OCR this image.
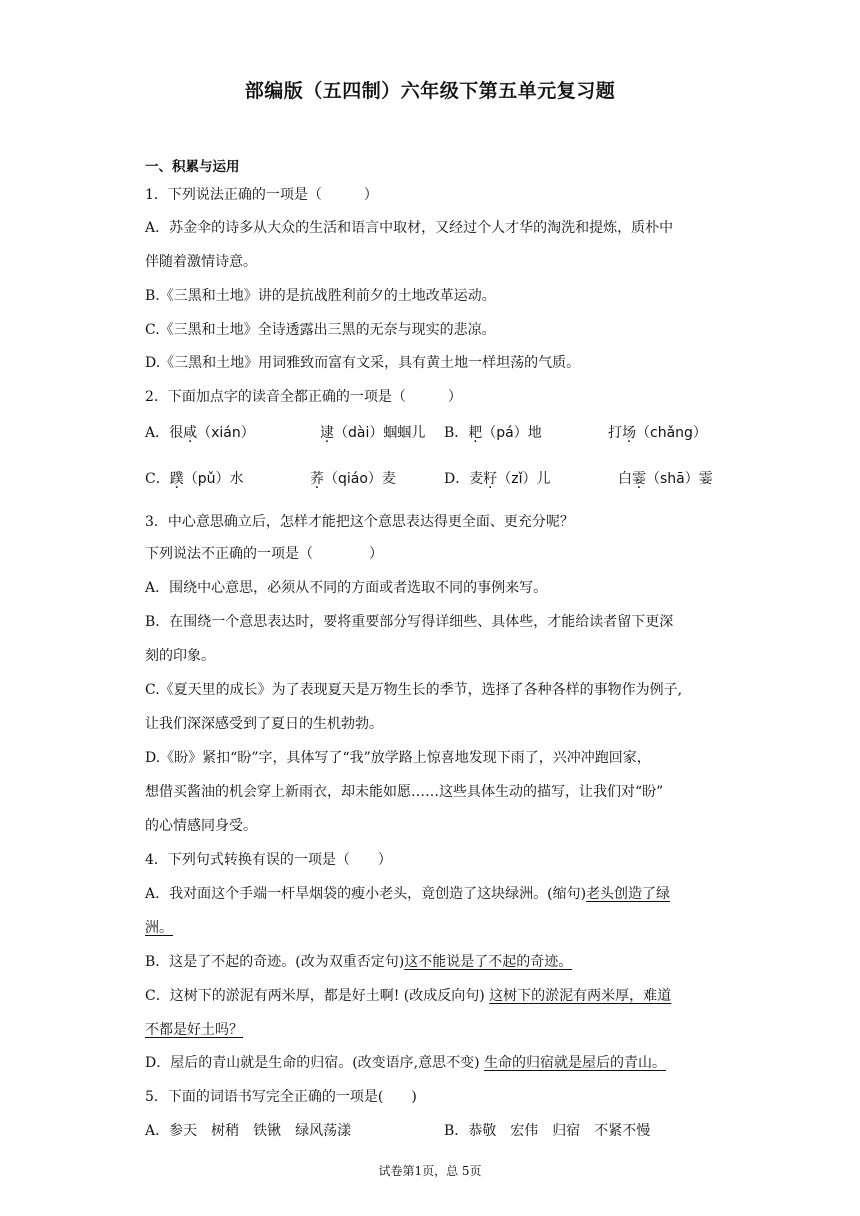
部编版（五四制）六年级下第五单元复习题
一、积累与运用
1．下列说法正确的一项是（　　　）
A．苏金伞的诗多从大众的生活和语言中取材，又经过个人才华的淘洗和提炼，质朴中
伴随着激情诗意。
B.《三黑和土地》讲的是抗战胜利前夕的土地改革运动。
C.《三黑和土地》全诗透露出三黑的无奈与现实的悲凉。
D.《三黑和土地》用词雅致而富有文采，具有黄土地一样坦荡的气质。
2．下面加点字的读音全都正确的一项是（　　　）
A．很咸（xián）	逮（dài）蝈蝈儿 B．耙（pá）地	打场（chǎng）
C．蹼（pǔ）水	荞（qiáo）麦	D．麦籽（zǐ）儿	白霎（shā）霎
3．中心意思确立后，怎样才能把这个意思表达得更全面、更充分呢？
下列说法不正确的一项是（　　　　）
A．围绕中心意思，必须从不同的方面或者选取不同的事例来写。
B．在围绕一个意思表达时，要将重要部分写得详细些、具体些，才能给读者留下更深
刻的印象。
C.《夏天里的成长》为了表现夏天是万物生长的季节，选择了各种各样的事物作为例子,
让我们深深感受到了夏日的生机勃勃。
D.《盼》紧扣“盼”字，具体写了“我”放学路上惊喜地发现下雨了，兴冲冲跑回家，
想借买酱油的机会穿上新雨衣，却未能如愿……这些具体生动的描写，让我们对“盼”
的心情感同身受。
4．下列句式转换有误的一项是（　　）
A．我对面这个手端一杆旱烟袋的瘦小老头，竟创造了这块绿洲。(缩句)老头创造了绿
洲。
B．这是了不起的奇迹。(改为双重否定句)这不能说是了不起的奇迹。
C．这树下的淤泥有两米厚，都是好土啊! (改成反向句) 这树下的淤泥有两米厚，难道
不都是好土吗？
D．屋后的青山就是生命的归宿。(改变语序,意思不变) 生命的归宿就是屋后的青山。
5．下面的词语书写完全正确的一项是(　　)
A．参天　树稍　铁锹　绿风荡漾	B．恭敬　宏伟　归宿　不紧不慢
试卷第1页，总 5页
